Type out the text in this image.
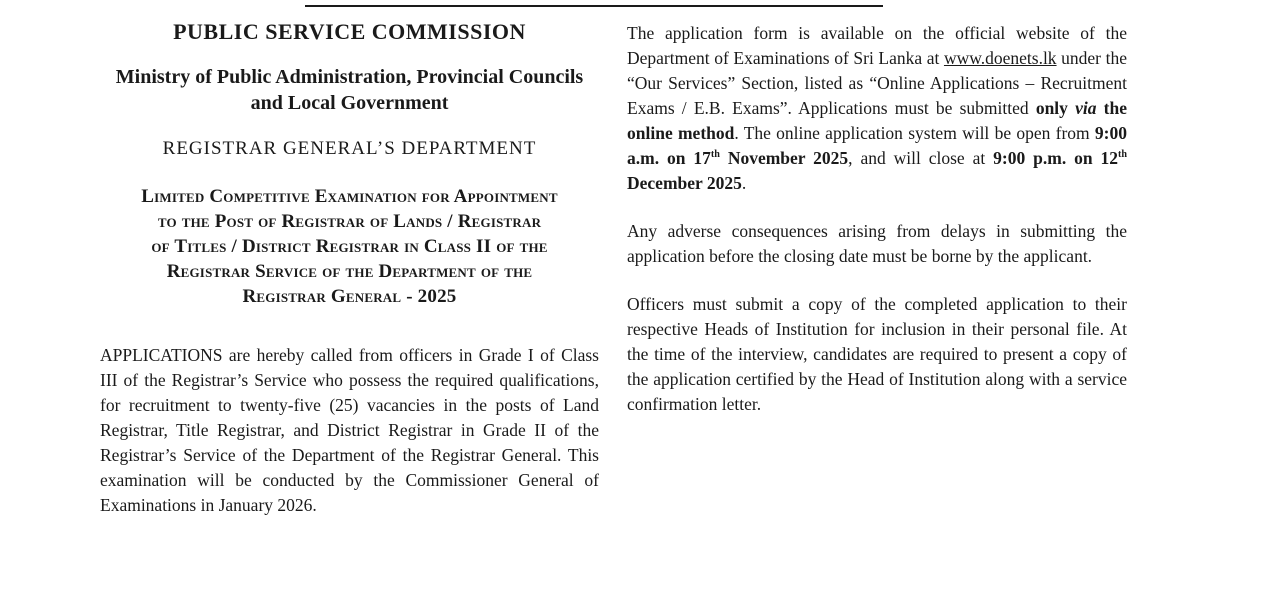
PUBLIC SERVICE COMMISSION
Ministry of Public Administration, Provincial Councils and Local Government
REGISTRAR GENERAL’S DEPARTMENT
Limited Competitive Examination for Appointment
to the Post of Registrar of Lands / Registrar
of Titles / District Registrar in Class II of the
Registrar Service of the Department of the
Registrar General - 2025

APPLICATIONS are hereby called from officers in Grade I of Class III of the Registrar’s Service who possess the required qualifications, for recruitment to twenty-five (25) vacancies in the posts of Land Registrar, Title Registrar, and District Registrar in Grade II of the Registrar’s Service of the Department of the Registrar General. This examination will be conducted by the Commissioner General of Examinations in January 2026.

The application form is available on the official website of the Department of Examinations of Sri Lanka at www.doenets.lk under the “Our Services” Section, listed as “Online Applications – Recruitment Exams / E.B. Exams”. Applications must be submitted only via the online method. The online application system will be open from 9:00 a.m. on 17th November 2025, and will close at 9:00 p.m. on 12th December 2025.

Any adverse consequences arising from delays in submitting the application before the closing date must be borne by the applicant.

Officers must submit a copy of the completed application to their respective Heads of Institution for inclusion in their personal file. At the time of the interview, candidates are required to present a copy of the application certified by the Head of Institution along with a service confirmation letter.
